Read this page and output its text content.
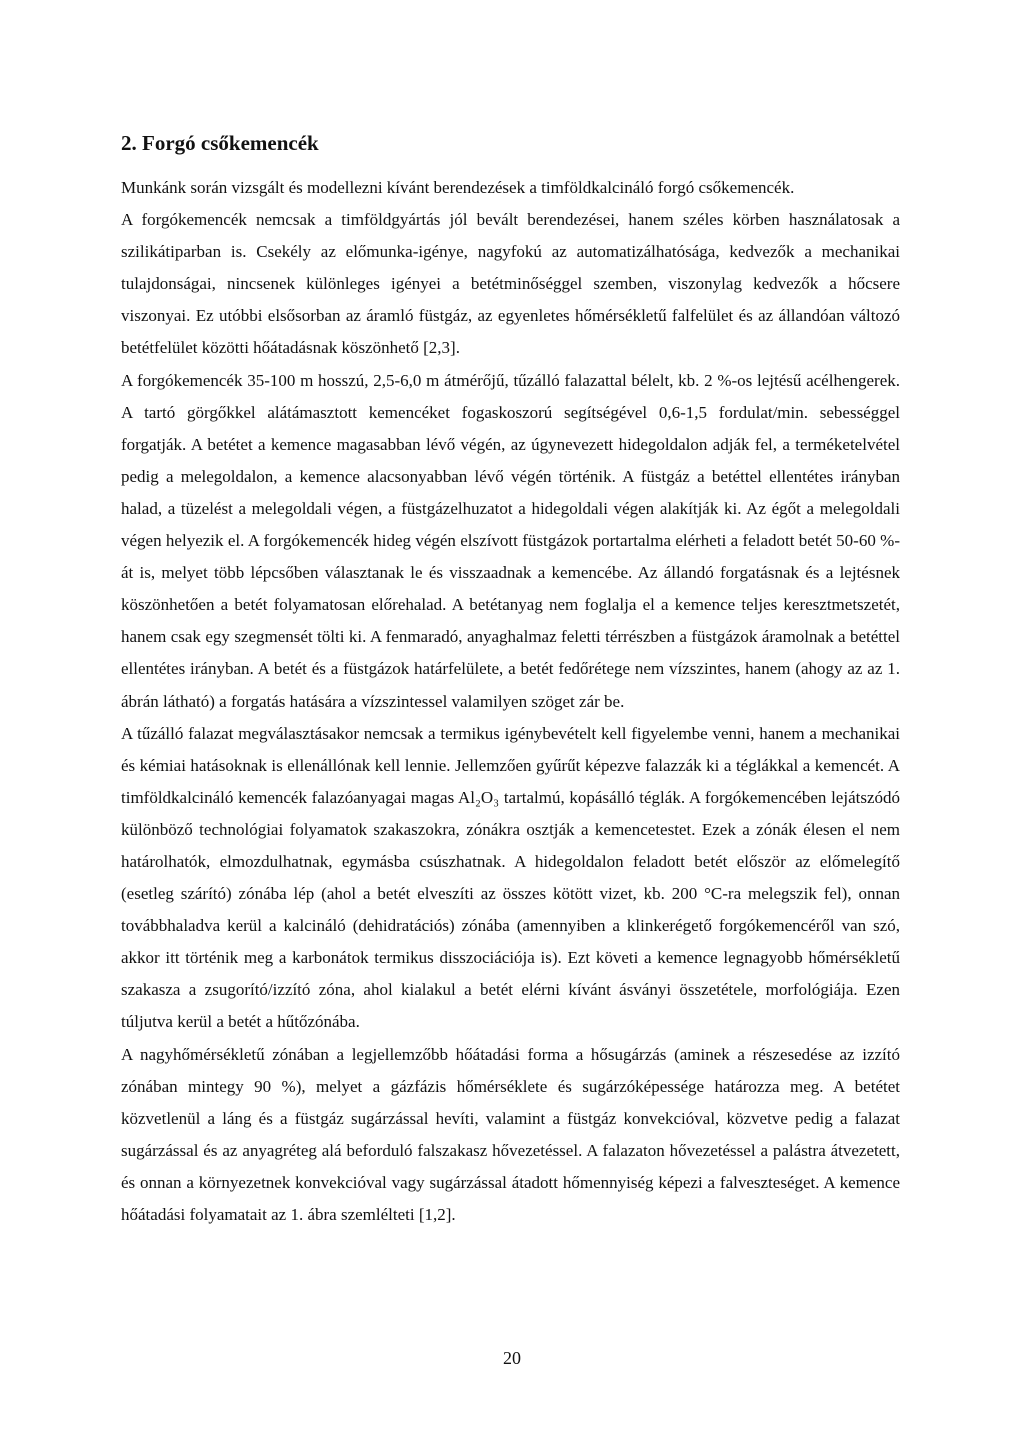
2. Forgó csőkemencék

Munkánk során vizsgált és modellezni kívánt berendezések a timföldkalcináló forgó csőkemencék.

A forgókemencék nemcsak a timföldgyártás jól bevált berendezései, hanem széles körben használatosak a szilikátiparban is. Csekély az előmunka-igénye, nagyfokú az automatizálhatósága, kedvezők a mechanikai tulajdonságai, nincsenek különleges igényei a betétminőséggel szemben, viszonylag kedvezők a hőcsere viszonyai. Ez utóbbi elsősorban az áramló füstgáz, az egyenletes hőmérsékletű falfelület és az állandóan változó betétfelület közötti hőátadásnak köszönhető [2,3].

A forgókemencék 35-100 m hosszú, 2,5-6,0 m átmérőjű, tűzálló falazattal bélelt, kb. 2 %-os lejtésű acélhengerek. A tartó görgőkkel alátámasztott kemencéket fogaskoszorú segítségével 0,6-1,5 fordulat/min. sebességgel forgatják. A betétet a kemence magasabban lévő végén, az úgynevezett hidegoldalon adják fel, a terméketelvétel pedig a melegoldalon, a kemence alacsonyabban lévő végén történik. A füstgáz a betéttel ellentétes irányban halad, a tüzelést a melegoldali végen, a füstgázelhuzatot a hidegoldali végen alakítják ki. Az égőt a melegoldali végen helyezik el. A forgókemencék hideg végén elszívott füstgázok portartalma elérheti a feladott betét 50-60 %-át is, melyet több lépcsőben választanak le és visszaadnak a kemencébe. Az állandó forgatásnak és a lejtésnek köszönhetően a betét folyamatosan előrehalad. A betétanyag nem foglalja el a kemence teljes keresztmetszetét, hanem csak egy szegmensét tölti ki. A fenmaradó, anyaghalmaz feletti térrészben a füstgázok áramolnak a betéttel ellentétes irányban. A betét és a füstgázok határfelülete, a betét fedőrétege nem vízszintes, hanem (ahogy az az 1. ábrán látható) a forgatás hatására a vízszintessel valamilyen szöget zár be.

A tűzálló falazat megválasztásakor nemcsak a termikus igénybevételt kell figyelembe venni, hanem a mechanikai és kémiai hatásoknak is ellenállónak kell lennie. Jellemzően gyűrűt képezve falazzák ki a téglákkal a kemencét. A timföldkalcináló kemencék falazóanyagai magas Al₂O₃ tartalmú, kopásálló téglák. A forgókemencében lejátszódó különböző technológiai folyamatok szakaszokra, zónákra osztják a kemencetestet. Ezek a zónák élesen el nem határolhatók, elmozdulhatnak, egymásba csúszhatnak. A hidegoldalon feladott betét először az előmelegítő (esetleg szárító) zónába lép (ahol a betét elveszíti az összes kötött vizet, kb. 200 °C-ra melegszik fel), onnan továbbhaladva kerül a kalcináló (dehidratációs) zónába (amennyiben a klinkerégető forgókemencéről van szó, akkor itt történik meg a karbonátok termikus disszociációja is). Ezt követi a kemence legnagyobb hőmérsékletű szakasza a zsugorító/izzító zóna, ahol kialakul a betét elérni kívánt ásványi összetétele, morfológiája. Ezen túljutva kerül a betét a hűtőzónába.

A nagyhőmérsékletű zónában a legjellemzőbb hőátadási forma a hősugárzás (aminek a részesedése az izzító zónában mintegy 90 %), melyet a gázfázis hőmérséklete és sugárzóképessége határozza meg. A betétet közvetlenül a láng és a füstgáz sugárzással hevíti, valamint a füstgáz konvekcióval, közvetve pedig a falazat sugárzással és az anyagréteg alá beforduló falszakasz hővezetéssel. A falazaton hővezetéssel a palástra átvezetett, és onnan a környezetnek konvekcióval vagy sugárzással átadott hőmennyiség képezi a falveszteséget. A kemence hőátadási folyamatait az 1. ábra szemlélteti [1,2].

20
